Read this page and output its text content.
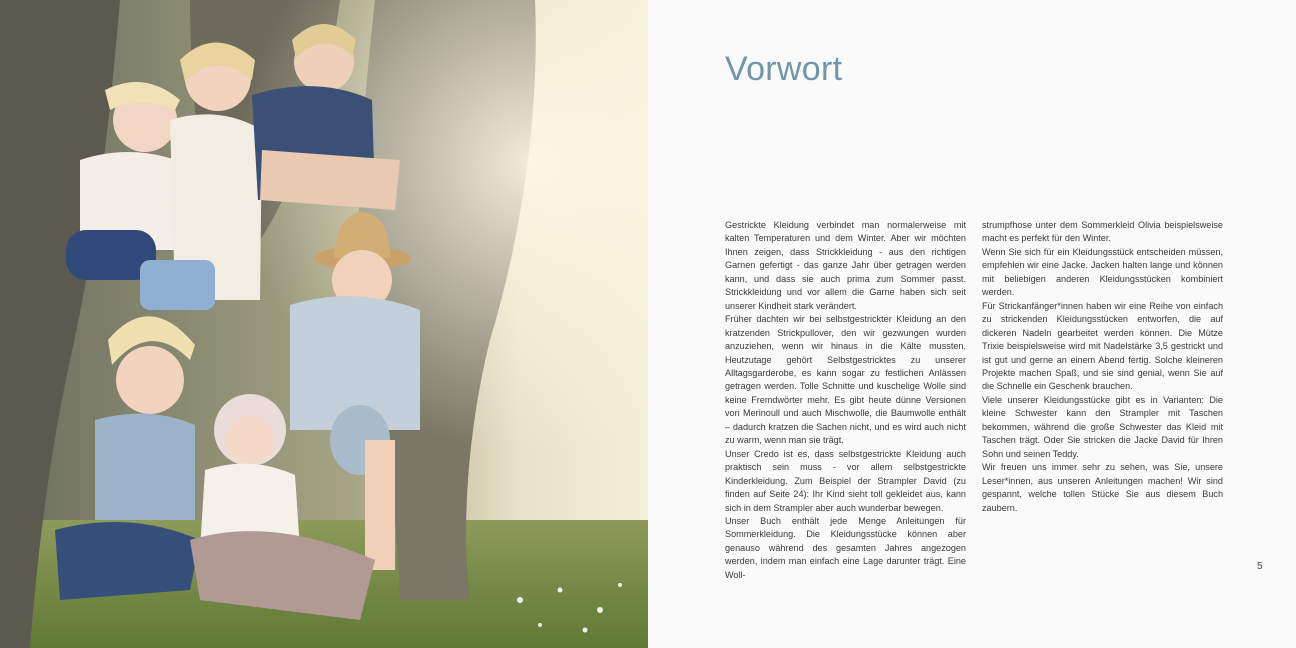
Vorwort

Gestrickte Kleidung verbindet man normalerweise mit kalten Temperaturen und dem Winter. Aber wir möchten Ihnen zeigen, dass Strickkleidung - aus den richtigen Garnen gefertigt - das ganze Jahr über getragen werden kann, und dass sie auch prima zum Sommer passt. Strickkleidung und vor allem die Garne haben sich seit unserer Kindheit stark verändert.

Früher dachten wir bei selbstgestrickter Kleidung an den kratzenden Strickpullover, den wir gezwungen wurden anzuziehen, wenn wir hinaus in die Kälte mussten. Heutzutage gehört Selbstgestricktes zu unserer Alltagsgarderobe, es kann sogar zu festlichen Anlässen getragen werden. Tolle Schnitte und kuschelige Wolle sind keine Fremdwörter mehr. Es gibt heute dünne Versionen von Merinoull und auch Mischwolle, die Baumwolle enthält – dadurch kratzen die Sachen nicht, und es wird auch nicht zu warm, wenn man sie trägt.

Unser Credo ist es, dass selbstgestrickte Kleidung auch praktisch sein muss - vor allem selbstgestrickte Kinderkleidung. Zum Beispiel der Strampler David (zu finden auf Seite 24): Ihr Kind sieht toll gekleidet aus, kann sich in dem Strampler aber auch wunderbar bewegen.

Unser Buch enthält jede Menge Anleitungen für Sommerkleidung. Die Kleidungsstücke können aber genauso während des gesamten Jahres angezogen werden, indem man einfach eine Lage darunter trägt. Eine Woll-

strumpfhose unter dem Sommerkleid Olivia beispielsweise macht es perfekt für den Winter.

Wenn Sie sich für ein Kleidungsstück entscheiden müssen, empfehlen wir eine Jacke. Jacken halten lange und können mit beliebigen anderen Kleidungsstücken kombiniert werden.

Für Strickanfänger*innen haben wir eine Reihe von einfach zu strickenden Kleidungsstücken entworfen, die auf dickeren Nadeln gearbeitet werden können. Die Mütze Trixie beispielsweise wird mit Nadelstärke 3,5 gestrickt und ist gut und gerne an einem Abend fertig. Solche kleineren Projekte machen Spaß, und sie sind genial, wenn Sie auf die Schnelle ein Geschenk brauchen.

Viele unserer Kleidungsstücke gibt es in Varianten: Die kleine Schwester kann den Strampler mit Taschen bekommen, während die große Schwester das Kleid mit Taschen trägt. Oder Sie stricken die Jacke David für Ihren Sohn und seinen Teddy.

Wir freuen uns immer sehr zu sehen, was Sie, unsere Leser*innen, aus unseren Anleitungen machen! Wir sind gespannt, welche tollen Stücke Sie aus diesem Buch zaubern.

5
